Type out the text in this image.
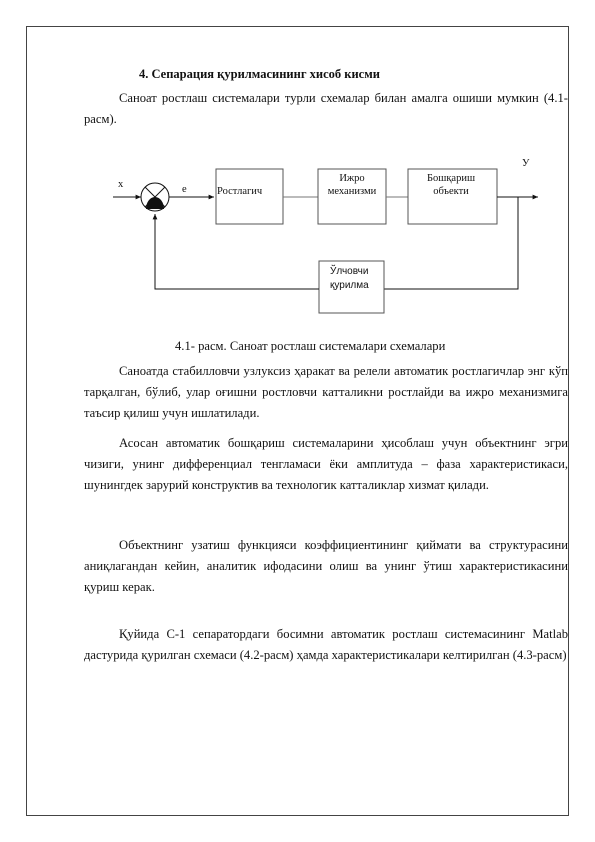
4. Сепарация қурилмасининг хисоб кисми
Саноат ростлаш системалари турли схемалар билан амалга ошиши мумкин (4.1-расм).
x	e
У
Ростлагич
Ижро
механизми
Бошқариш
объекти
Ўлчовчи
қурилма
4.1- расм. Саноат ростлаш системалари схемалари
Саноатда стабилловчи узлуксиз ҳаракат ва релели автоматик ростлагичлар энг кўп тарқалган, бўлиб, улар оғишни ростловчи катталикни ростлайди ва ижро механизмига таъсир қилиш учун ишлатилади.
Асосан автоматик бошқариш системаларини ҳисоблаш учун объектнинг эгри чизиги, унинг дифференциал тенгламаси ёки амплитуда – фаза характеристикаси, шунингдек зарурий конструктив ва технологик катталиклар хизмат қилади.
Объектнинг узатиш функцияси коэффициентининг қиймати ва структурасини аниқлагандан кейин, аналитик ифодасини олиш ва унинг ўтиш характеристикасини қуриш керак.
Қуйида С-1 сепаратордаги босимни автоматик ростлаш системасининг Matlab дастурида қурилган схемаси (4.2-расм) ҳамда характеристикалари келтирилган (4.3-расм)
